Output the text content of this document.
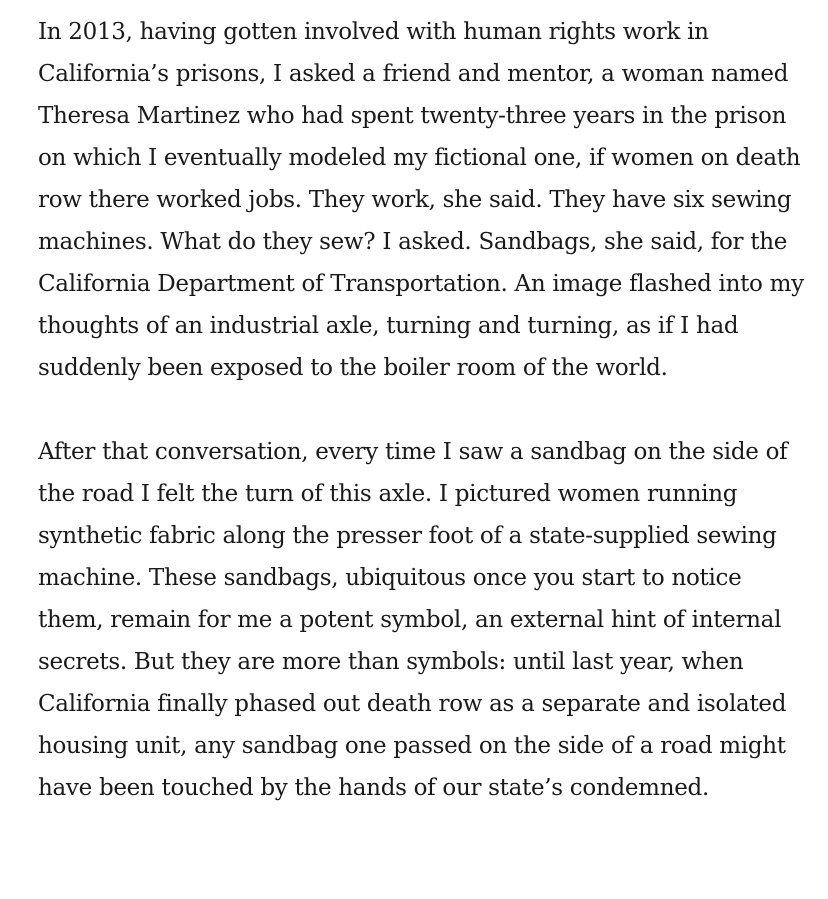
In 2013, having gotten involved with human rights work in California’s prisons, I asked a friend and mentor, a woman named Theresa Martinez who had spent twenty-three years in the prison on which I eventually modeled my fictional one, if women on death row there worked jobs. They work, she said. They have six sewing machines. What do they sew? I asked. Sandbags, she said, for the California Department of Transportation. An image flashed into my thoughts of an industrial axle, turning and turning, as if I had suddenly been exposed to the boiler room of the world.

After that conversation, every time I saw a sandbag on the side of the road I felt the turn of this axle. I pictured women running synthetic fabric along the presser foot of a state-supplied sewing machine. These sandbags, ubiquitous once you start to notice them, remain for me a potent symbol, an external hint of internal secrets. But they are more than symbols: until last year, when California finally phased out death row as a separate and isolated housing unit, any sandbag one passed on the side of a road might have been touched by the hands of our state’s condemned.
